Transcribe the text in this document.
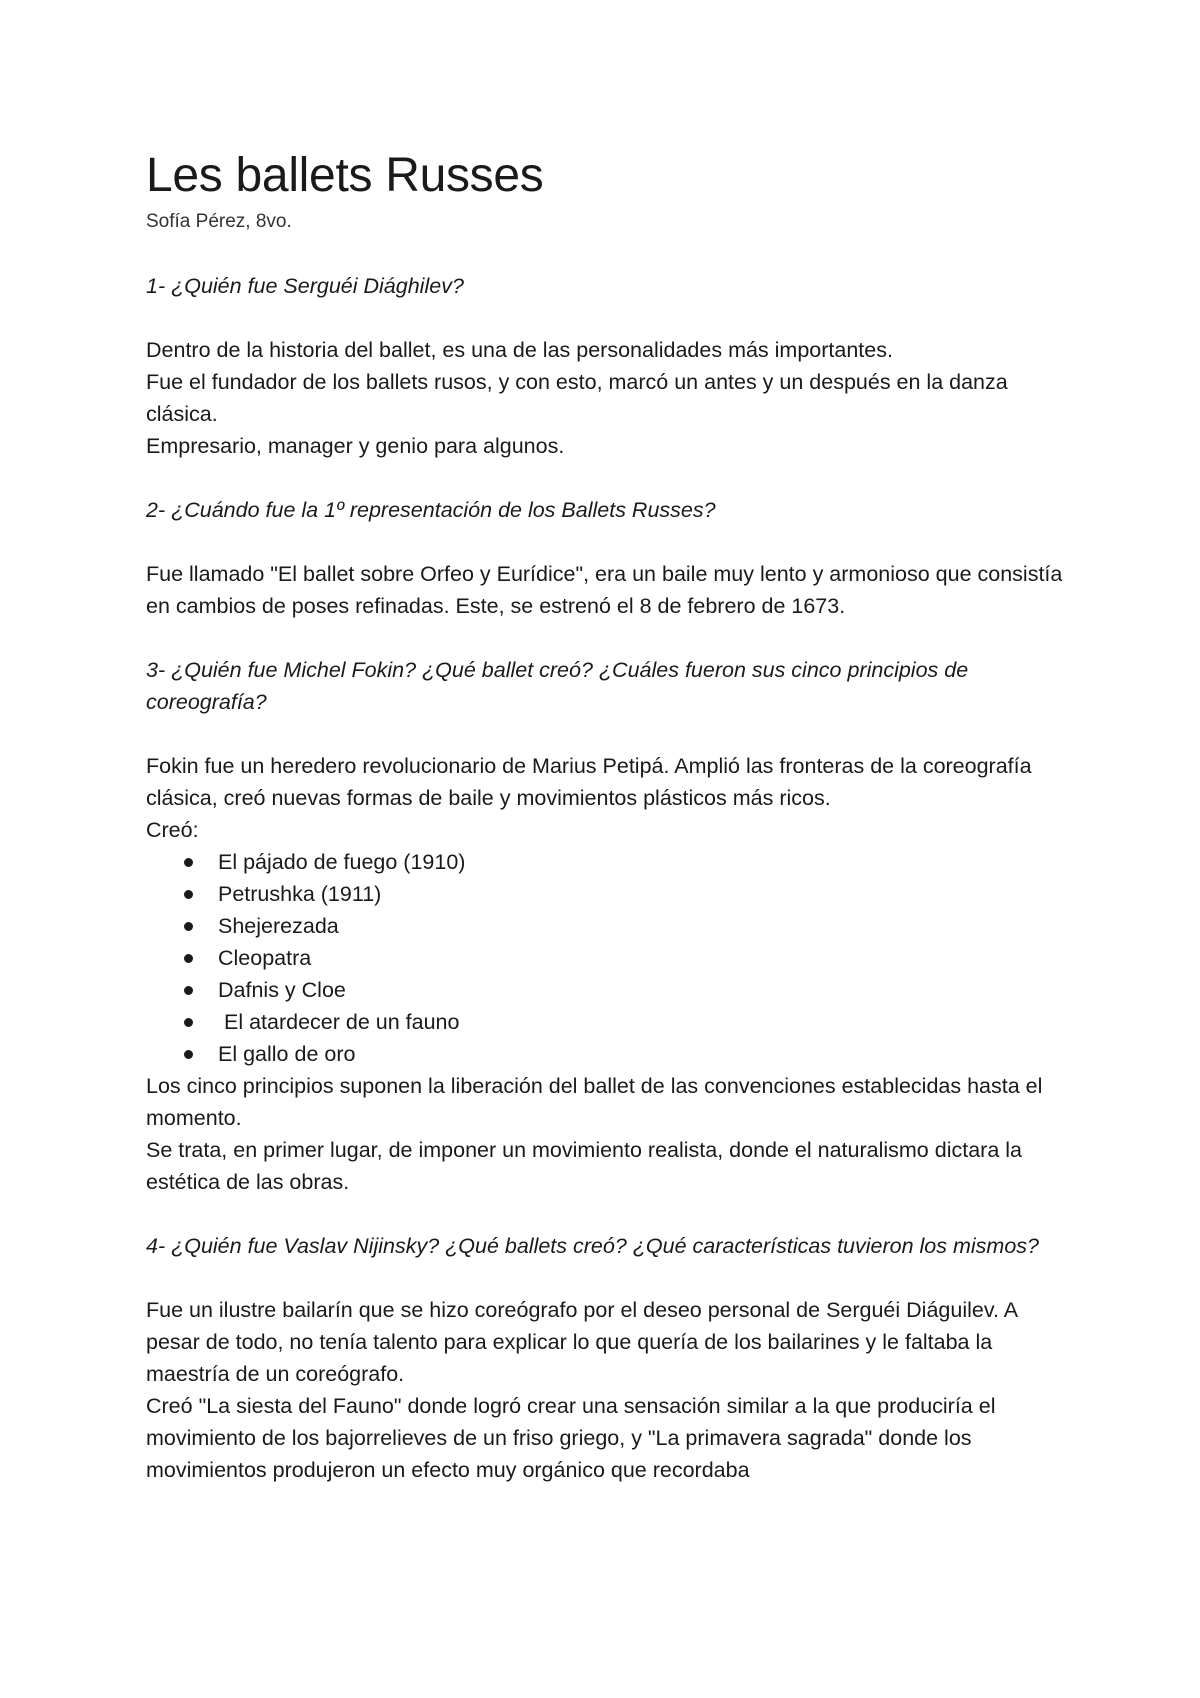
Les ballets Russes

Sofía Pérez, 8vo.

1- ¿Quién fue Serguéi Diághilev?

Dentro de la historia del ballet, es una de las personalidades más importantes.

Fue el fundador de los ballets rusos, y con esto, marcó un antes y un después en la danza clásica.

Empresario, manager y genio para algunos.

2- ¿Cuándo fue la 1º representación de los Ballets Russes?

Fue llamado "El ballet sobre Orfeo y Eurídice", era un baile muy lento y armonioso que consistía en cambios de poses refinadas. Este, se estrenó el 8 de febrero de 1673.

3- ¿Quién fue Michel Fokin? ¿Qué ballet creó? ¿Cuáles fueron sus cinco principios de coreografía?

Fokin fue un heredero revolucionario de Marius Petipá. Amplió las fronteras de la coreografía clásica, creó nuevas formas de baile y movimientos plásticos más ricos.

Creó:

El pájado de fuego (1910)
Petrushka (1911)
Shejerezada
Cleopatra
Dafnis y Cloe
El atardecer de un fauno
El gallo de oro

Los cinco principios suponen la liberación del ballet de las convenciones establecidas hasta el momento.

Se trata, en primer lugar, de imponer un movimiento realista, donde el naturalismo dictara la estética de las obras.

4- ¿Quién fue Vaslav Nijinsky? ¿Qué ballets creó? ¿Qué características tuvieron los mismos?

Fue un ilustre bailarín que se hizo coreógrafo por el deseo personal de Serguéi Diáguilev. A pesar de todo, no tenía talento para explicar lo que quería de los bailarines y le faltaba la maestría de un coreógrafo.

Creó "La siesta del Fauno" donde logró crear una sensación similar a la que produciría el movimiento de los bajorrelieves de un friso griego, y "La primavera sagrada" donde los movimientos produjeron un efecto muy orgánico que recordaba
